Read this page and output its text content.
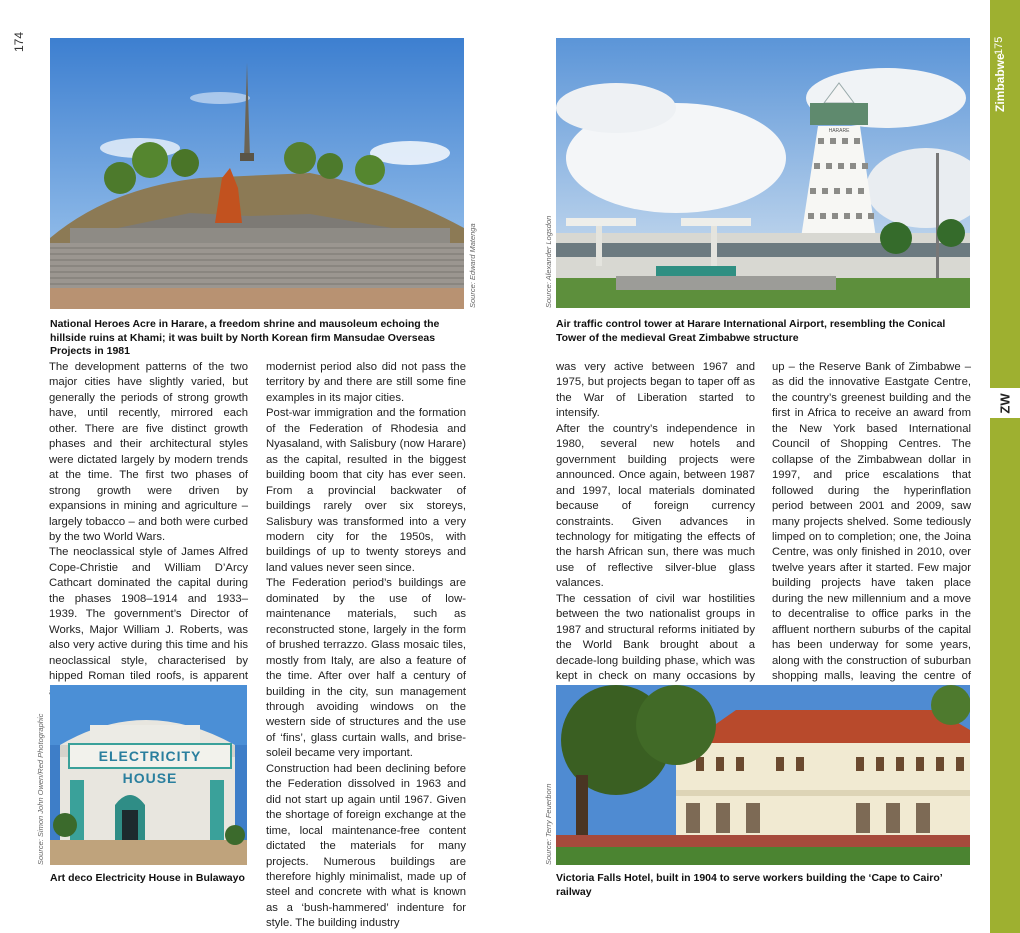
174
Source: Edward Matenga
National Heroes Acre in Harare, a freedom shrine and mausoleum echoing the hillside ruins at Khami; it was built by North Korean firm Mansudae Overseas Projects in 1981

The development patterns of the two major cities have slightly varied, but generally the periods of strong growth have, until recently, mirrored each other. There are five distinct growth phases and their architectural styles were dictated largely by modern trends at the time. The first two phases of strong growth were driven by expansions in mining and agriculture – largely tobacco – and both were curbed by the two World Wars.

The neoclassical style of James Alfred Cope-Christie and William D’Arcy Cathcart dominated the capital during the phases 1908–1914 and 1933–1939. The government’s Director of Works, Major William J. Roberts, was also very active during this time and his neoclassical style, characterised by hipped Roman tiled roofs, is apparent

modernist period also did not pass the territory by and there are still some fine examples in its major cities.

Post-war immigration and the formation of the Federation of Rhodesia and Nyasaland, with Salisbury (now Harare) as the capital, resulted in the biggest building boom that city has ever seen. From a provincial backwater of buildings rarely over six storeys, Salisbury was transformed into a very modern city for the 1950s, with buildings of up to twenty storeys and land values never seen since.

The Federation period’s buildings are dominated by the use of low-maintenance materials, such as reconstructed stone, largely in the form of brushed terrazzo. Glass mosaic tiles, mostly from Italy, are also a feature of the time. After over half a century of building in the city, sun management through avoiding windows on the western side of structures and the use of ‘fins’, glass curtain walls, and brise-soleil became very important.

Construction had been declining before the Federation dissolved in 1963 and did not start up again until 1967. Given the shortage of foreign exchange at the time, local maintenance-free content dictated the materials for many projects. Numerous buildings are therefore highly minimalist, made up of steel and concrete with what is known as a ‘bush-hammered’ indenture for style. The building industry

ELECTRICITY HOUSE
Source: Simon John Owen/Red Photographic
Art deco Electricity House in Bulawayo
HARARE
Source: Alexander Logsdon
Air traffic control tower at Harare International Airport, resembling the Conical Tower of the medieval Great Zimbabwe structure

was very active between 1967 and 1975, but projects began to taper off as the War of Liberation started to intensify.

After the country’s independence in 1980, several new hotels and government building projects were announced. Once again, between 1987 and 1997, local materials dominated because of foreign currency constraints. Given advances in technology for mitigating the effects of the harsh African sun, there was much use of reflective silver-blue glass valances.

The cessation of civil war hostilities between the two nationalist groups in 1987 and structural reforms initiated by the World Bank brought about a decade-long building phase, which was kept in check on many occasions by

up – the Reserve Bank of Zimbabwe – as did the innovative Eastgate Centre, the country’s greenest building and the first in Africa to receive an award from the New York based International Council of Shopping Centres. The collapse of the Zimbabwean dollar in 1997, and price escalations that followed during the hyperinflation period between 2001 and 2009, saw many projects shelved. Some tediously limped on to completion; one, the Joina Centre, was only finished in 2010, over twelve years after it started. Few major building projects have taken place during the new millennium and a move to decentralise to office parks in the affluent northern suburbs of the capital has been underway for some years, along with the construction of suburban shopping malls, leaving the centre of

Source: Terry Feuerborn
Victoria Falls Hotel, built in 1904 to serve workers building the ‘Cape to Cairo’ railway
175
Zimbabwe
ZW
